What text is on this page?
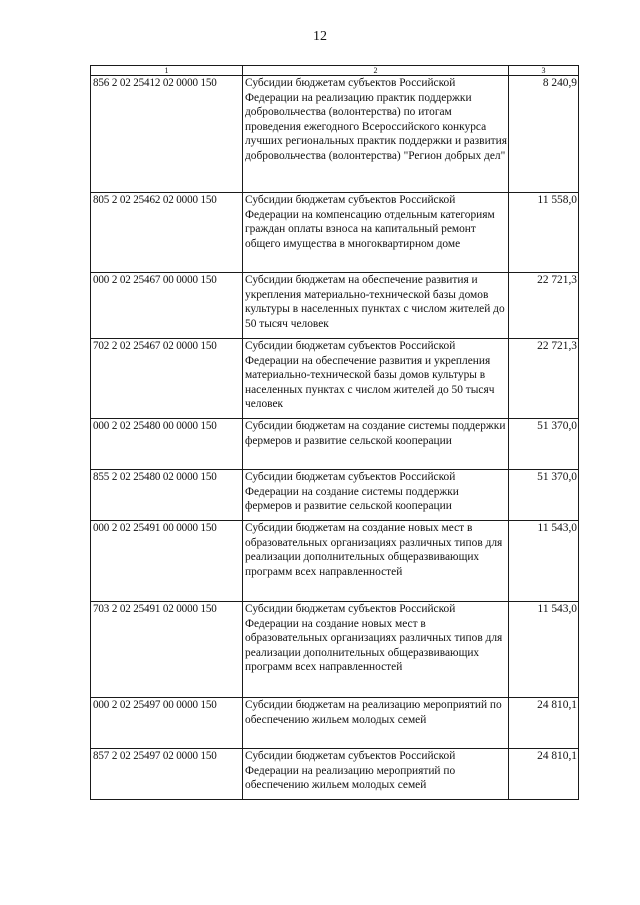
12
1	2	3
856 2 02 25412 02 0000 150	Субсидии бюджетам субъектов Российской Федерации на реализацию практик поддержки добровольчества (волонтерства) по итогам проведения ежегодного Всероссийского конкурса лучших региональных практик поддержки и развития добровольчества (волонтерства) "Регион добрых дел"	8 240,9
805 2 02 25462 02 0000 150	Субсидии бюджетам субъектов Российской Федерации на компенсацию отдельным категориям граждан оплаты взноса на капитальный ремонт общего имущества в многоквартирном доме	11 558,0
000 2 02 25467 00 0000 150	Субсидии бюджетам на обеспечение развития и укрепления материально-технической базы домов культуры в населенных пунктах с числом жителей до 50 тысяч человек	22 721,3
702 2 02 25467 02 0000 150	Субсидии бюджетам субъектов Российской Федерации на обеспечение развития и укрепления материально-технической базы домов культуры в населенных пунктах с числом жителей до 50 тысяч человек	22 721,3
000 2 02 25480 00 0000 150	Субсидии бюджетам на создание системы поддержки фермеров и развитие сельской кооперации	51 370,0
855 2 02 25480 02 0000 150	Субсидии бюджетам субъектов Российской Федерации на создание системы поддержки фермеров и развитие сельской кооперации	51 370,0
000 2 02 25491 00 0000 150	Субсидии бюджетам на создание новых мест в образовательных организациях различных типов для реализации дополнительных общеразвивающих программ всех направленностей	11 543,0
703 2 02 25491 02 0000 150	Субсидии бюджетам субъектов Российской Федерации на создание новых мест в образовательных организациях различных типов для реализации дополнительных общеразвивающих программ всех направленностей	11 543,0
000 2 02 25497 00 0000 150	Субсидии бюджетам на реализацию мероприятий по обеспечению жильем молодых семей	24 810,1
857 2 02 25497 02 0000 150	Субсидии бюджетам субъектов Российской Федерации на реализацию мероприятий по обеспечению жильем молодых семей	24 810,1
